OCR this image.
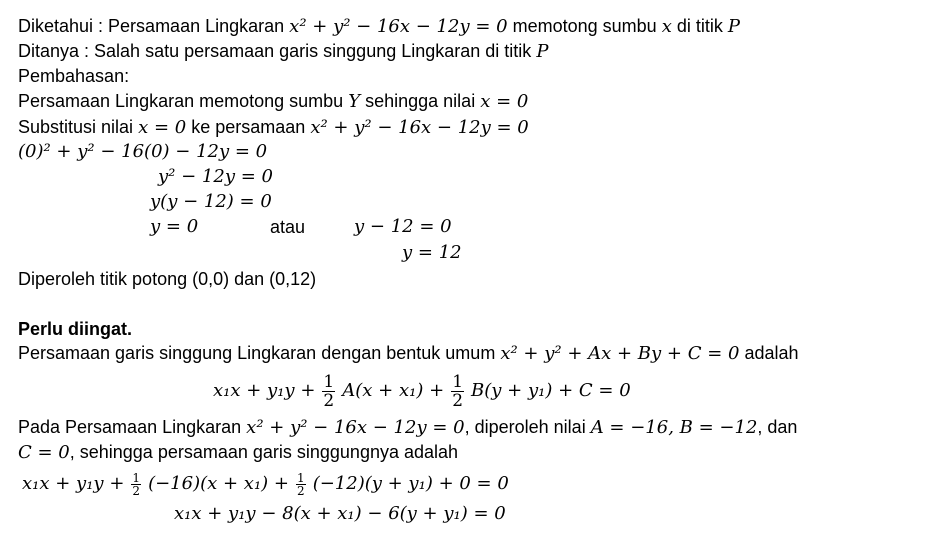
Diketahui : Persamaan Lingkaran x² + y² − 16x − 12y = 0 memotong sumbu x di titik P
Ditanya : Salah satu persamaan garis singgung Lingkaran di titik P
Pembahasan:
Persamaan Lingkaran memotong sumbu Y sehingga nilai x = 0
Substitusi nilai x = 0 ke persamaan x² + y² − 16x − 12y = 0
(0)² + y² − 16(0) − 12y = 0
y² − 12y = 0
y(y − 12) = 0
y = 0	atau	y − 12 = 0
y = 12
Diperoleh titik potong (0,0) dan (0,12)
Perlu diingat.
Persamaan garis singgung Lingkaran dengan bentuk umum x² + y² + Ax + By + C = 0 adalah
$x_1x + y_1y + \frac{1}{2} A(x + x_1) + \frac{1}{2} B(y + y_1) + C = 0$
Pada Persamaan Lingkaran x² + y² − 16x − 12y = 0, diperoleh nilai A = −16, B = −12, dan
C = 0, sehingga persamaan garis singgungnya adalah
$x_1x + y_1y + \frac{1}{2} (-16)(x + x_1) + \frac{1}{2} (-12)(y + y_1) + 0 = 0$
x₁x + y₁y − 8(x + x₁) − 6(y + y₁) = 0
